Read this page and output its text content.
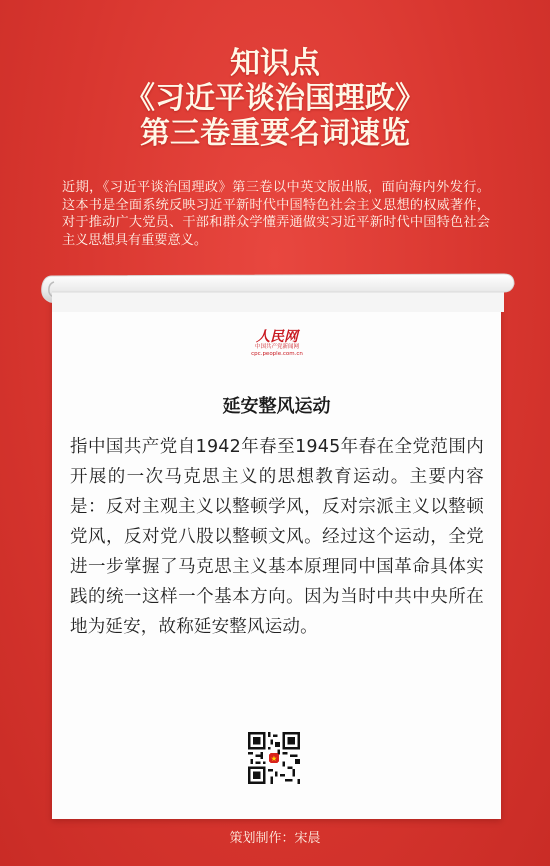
知识点
《习近平谈治国理政》
第三卷重要名词速览
近期，《习近平谈治国理政》第三卷以中英文版出版，面向海内外发行。这本书是全面系统反映习近平新时代中国特色社会主义思想的权威著作，对于推动广大党员、干部和群众学懂弄通做实习近平新时代中国特色社会主义思想具有重要意义。
人民网
中国共产党新闻网
cpc.people.com.cn
延安整风运动
指中国共产党自1942年春至1945年春在全党范围内开展的一次马克思主义的思想教育运动。主要内容是：反对主观主义以整顿学风，反对宗派主义以整顿党风，反对党八股以整顿文风。经过这个运动，全党进一步掌握了马克思主义基本原理同中国革命具体实践的统一这样一个基本方向。因为当时中共中央所在地为延安，故称延安整风运动。
★
策划制作：宋晨
